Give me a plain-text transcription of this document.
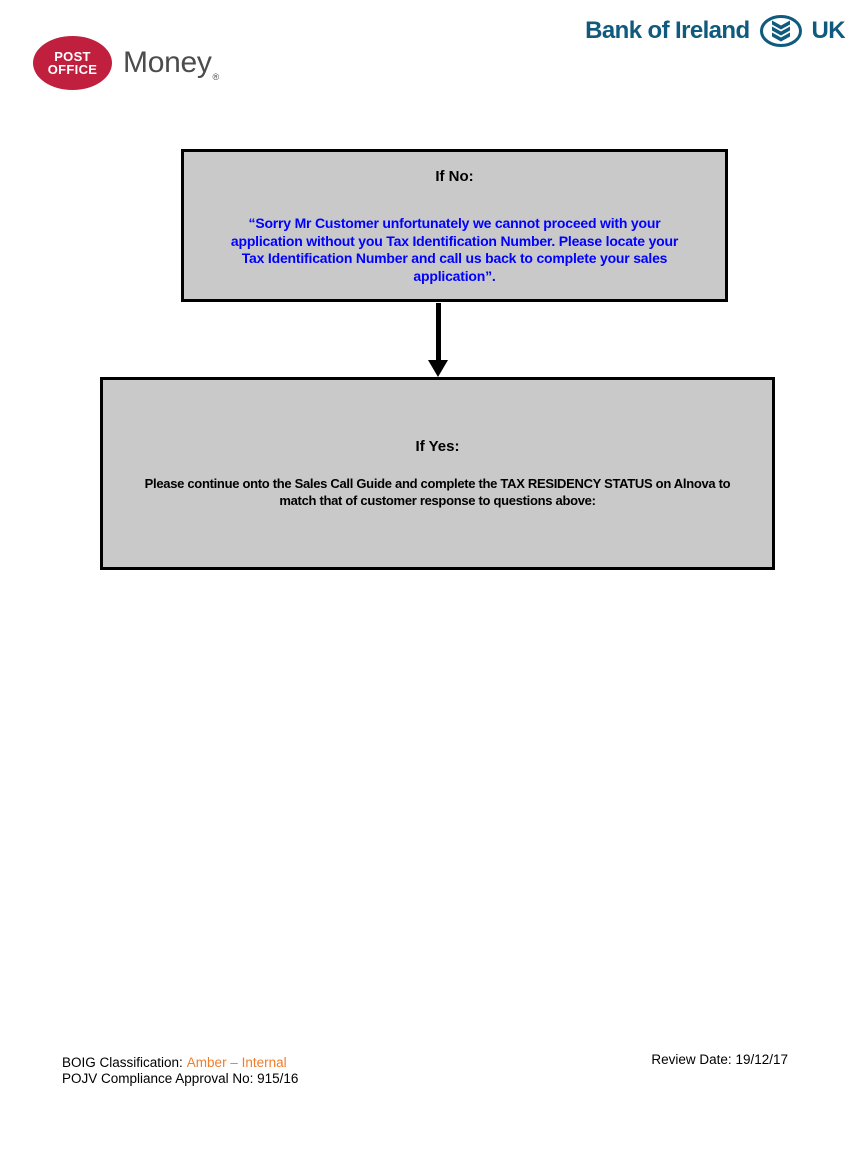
POST
OFFICE Money$_®$
Bank of Ireland	UK
If No:
“Sorry Mr Customer unfortunately we cannot proceed with your
application without you Tax Identification Number. Please locate your
Tax Identification Number and call us back to complete your sales
application”.
If Yes:
Please continue onto the Sales Call Guide and complete the TAX RESIDENCY STATUS on Alnova to
match that of customer response to questions above:
BOIG Classification: Amber – Internal
POJV Compliance Approval No: 915/16
Review Date: 19/12/17
